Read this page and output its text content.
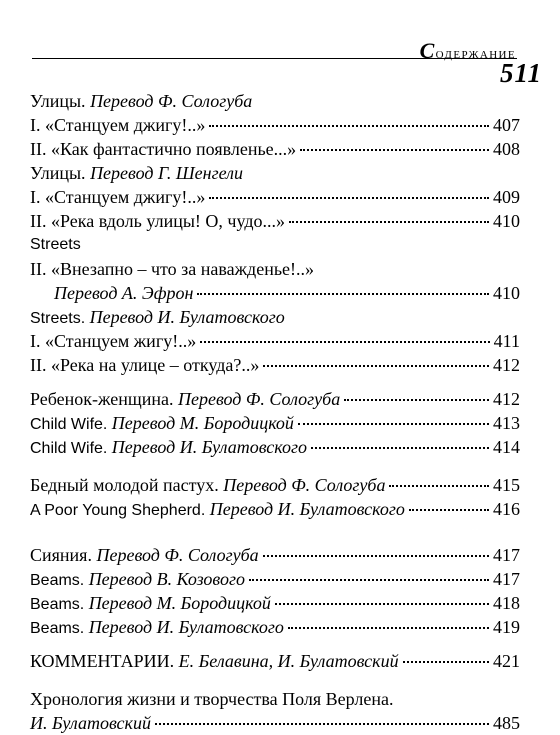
Содержание
511
Улицы. Перевод Ф. Сологуба
I. «Станцуем джигу!..»	407
II. «Как фантастично появленье...»	408
Улицы. Перевод Г. Шенгели
I. «Станцуем джигу!..»	409
II. «Река вдоль улицы! О, чудо...»	410
Streets
II. «Внезапно – что за наважденье!..»
Перевод А. Эфрон	410
Streets. Перевод И. Булатовского
I. «Станцуем жигу!..»	411
II. «Река на улице – откуда?..»	412
Ребенок-женщина. Перевод Ф. Сологуба	412
Child Wife. Перевод М. Бородицкой	413
Child Wife. Перевод И. Булатовского	414
Бедный молодой пастух. Перевод Ф. Сологуба	415
A Poor Young Shepherd. Перевод И. Булатовского	416
Сияния. Перевод Ф. Сологуба	417
Beams. Перевод В. Козового	417
Beams. Перевод М. Бородицкой	418
Beams. Перевод И. Булатовского	419
КОММЕНТАРИИ. Е. Белавина, И. Булатовский	421
Хронология жизни и творчества Поля Верлена.
И. Булатовский	485
